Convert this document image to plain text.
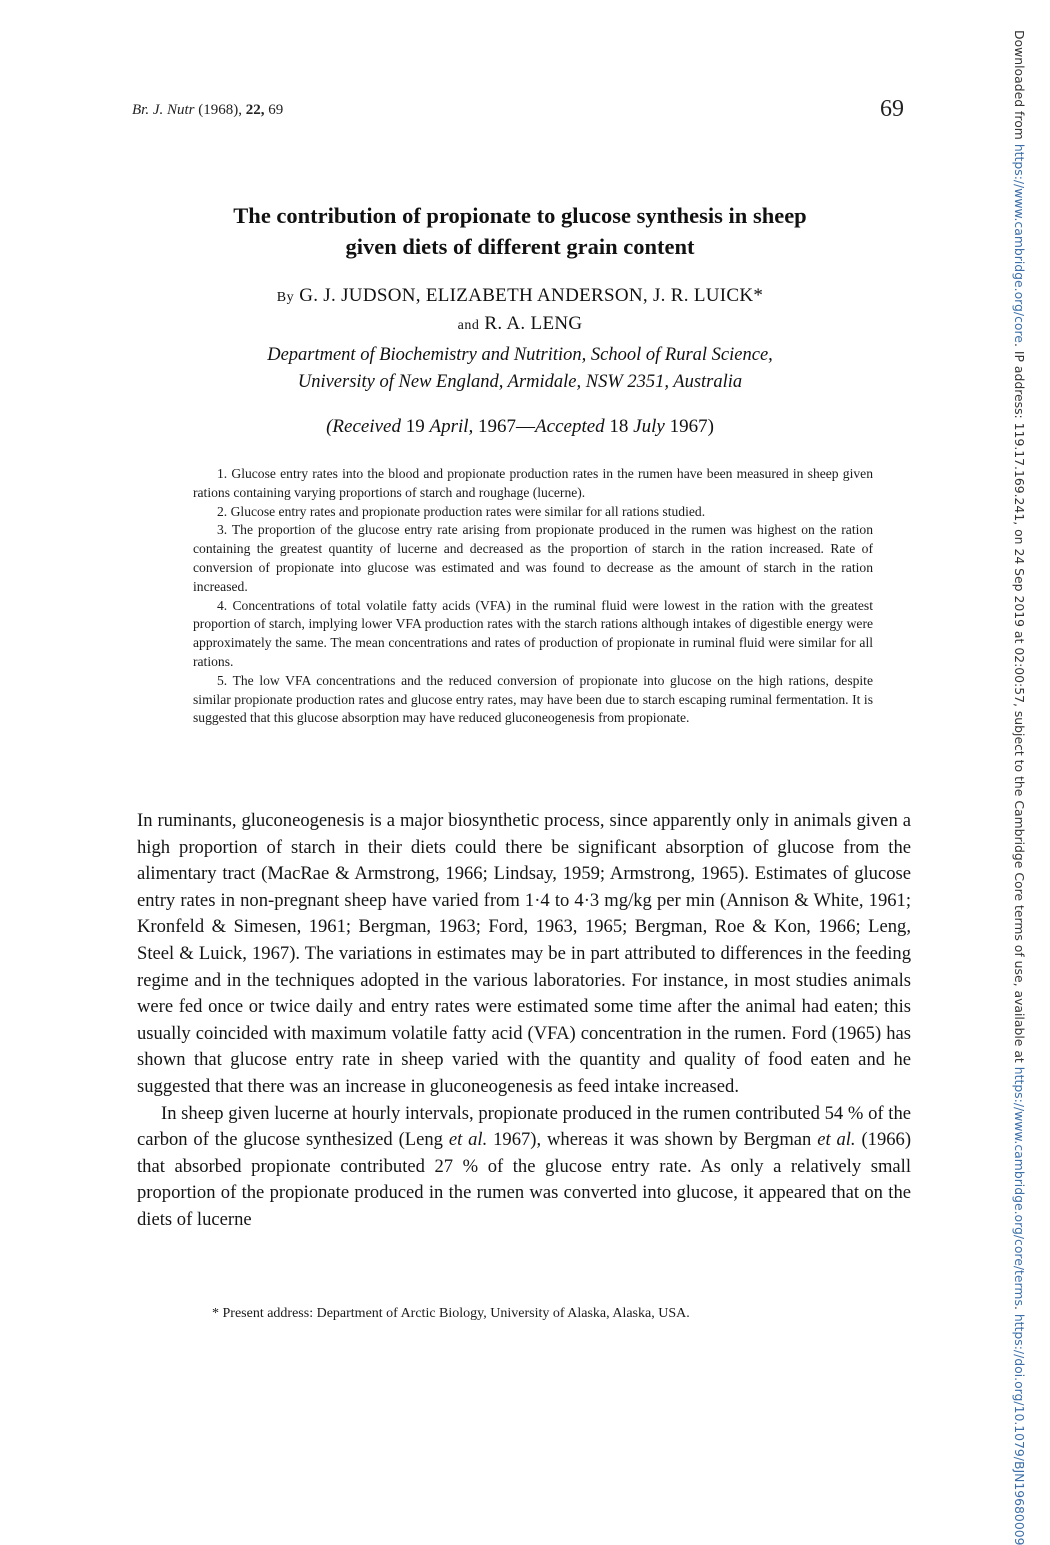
Br. J. Nutr (1968), 22, 69	69
The contribution of propionate to glucose synthesis in sheep
given diets of different grain content
By G. J. JUDSON, ELIZABETH ANDERSON, J. R. LUICK*
and R. A. LENG
Department of Biochemistry and Nutrition, School of Rural Science,
University of New England, Armidale, NSW 2351, Australia
(Received 19 April, 1967—Accepted 18 July 1967)

1. Glucose entry rates into the blood and propionate production rates in the rumen have been measured in sheep given rations containing varying proportions of starch and roughage (lucerne).

2. Glucose entry rates and propionate production rates were similar for all rations studied.

3. The proportion of the glucose entry rate arising from propionate produced in the rumen was highest on the ration containing the greatest quantity of lucerne and decreased as the proportion of starch in the ration increased. Rate of conversion of propionate into glucose was estimated and was found to decrease as the amount of starch in the ration increased.

4. Concentrations of total volatile fatty acids (VFA) in the ruminal fluid were lowest in the ration with the greatest proportion of starch, implying lower VFA production rates with the starch rations although intakes of digestible energy were approximately the same. The mean concentrations and rates of production of propionate in ruminal fluid were similar for all rations.

5. The low VFA concentrations and the reduced conversion of propionate into glucose on the high rations, despite similar propionate production rates and glucose entry rates, may have been due to starch escaping ruminal fermentation. It is suggested that this glucose absorption may have reduced gluconeogenesis from propionate.

In ruminants, gluconeogenesis is a major biosynthetic process, since apparently only in animals given a high proportion of starch in their diets could there be significant absorption of glucose from the alimentary tract (MacRae & Armstrong, 1966; Lindsay, 1959; Armstrong, 1965). Estimates of glucose entry rates in non-pregnant sheep have varied from 1·4 to 4·3 mg/kg per min (Annison & White, 1961; Kronfeld & Simesen, 1961; Bergman, 1963; Ford, 1963, 1965; Bergman, Roe & Kon, 1966; Leng, Steel & Luick, 1967). The variations in estimates may be in part attributed to differences in the feeding regime and in the techniques adopted in the various laboratories. For instance, in most studies animals were fed once or twice daily and entry rates were estimated some time after the animal had eaten; this usually coincided with maximum volatile fatty acid (VFA) concentration in the rumen. Ford (1965) has shown that glucose entry rate in sheep varied with the quantity and quality of food eaten and he suggested that there was an increase in gluconeogenesis as feed intake increased.

In sheep given lucerne at hourly intervals, propionate produced in the rumen contributed 54 % of the carbon of the glucose synthesized (Leng et al. 1967), whereas it was shown by Bergman et al. (1966) that absorbed propionate contributed 27 % of the glucose entry rate. As only a relatively small proportion of the propionate produced in the rumen was converted into glucose, it appeared that on the diets of lucerne

* Present address: Department of Arctic Biology, University of Alaska, Alaska, USA.
Downloaded from https://www.cambridge.org/core. IP address: 119.17.169.241, on 24 Sep 2019 at 02:00:57, subject to the Cambridge Core terms of use, available at https://www.cambridge.org/core/terms. https://doi.org/10.1079/BJN19680009
